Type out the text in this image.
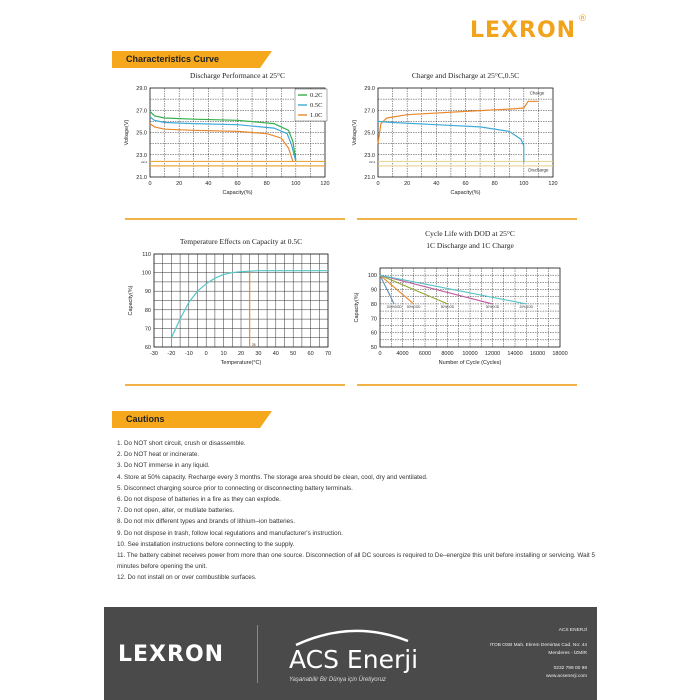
LEXRON ®
Characteristics Curve
Discharge Performance at 25°C
0	20	40	60	80	100	120
21.0
23.0
25.0
27.0
29.0
22.4
Capacity(%)
Voltage(V)
0.2C
0.5C
1.0C
Charge and Discharge at 25°C,0.5C
0	20	40	60	80	100	120
21.0
23.0
25.0
27.0
29.0
22.4
Capacity(%)
Voltage(V)
Charge
Discharge
Temperature Effects on Capacity at 0.5C
-30 -20 -10 0 10 20 30 40 50 60 70
60
70
80
90
100
110
Temperature(°C)
Capacity(%)
25
Cycle Life with DOD at 25°C
1C Discharge and 1C Charge
0	4000 6000 8000 10000 12000 14000 16000 18000
50
60
70
80
90
100
Number of Cycle (Cycles)
Capacity(%)	100%DOD 80%DOD	50%DOD	30%DOD	20%DOD
Cautions
1. Do NOT short circuit, crush or disassemble.
2. Do NOT heat or incinerate.
3. Do NOT immerse in any liquid.
4. Store at 50% capacity. Recharge every 3 months. The storage area should be clean, cool, dry and ventilated.
5. Disconnect charging source prior to connecting or disconnecting battery terminals.
6. Do not dispose of batteries in a fire as they can explode.
7. Do not open, alter, or mutilate batteries.
8. Do not mix different types and brands of lithium–ion batteries.
9. Do not dispose in trash, follow local regulations and manufacturer's instruction.
10. See installation instructions before connecting to the supply.
11. The battery cabinet receives power from more than one source. Disconnection of all DC sources is required to De–energize this unit before installing or servicing. Wait 5 minutes before opening the unit.
12. Do not install on or over combustible surfaces.
LEXRON	ACS Enerji
Yaşanabilir Bir Dünya için Üretiyoruz
ACS ENERJİ
ITOB OSB Mah. Ekrem Demirtas Cad. No: 44
Menderes - İZMİR
0232 799 00 98
www.acsenerji.com
